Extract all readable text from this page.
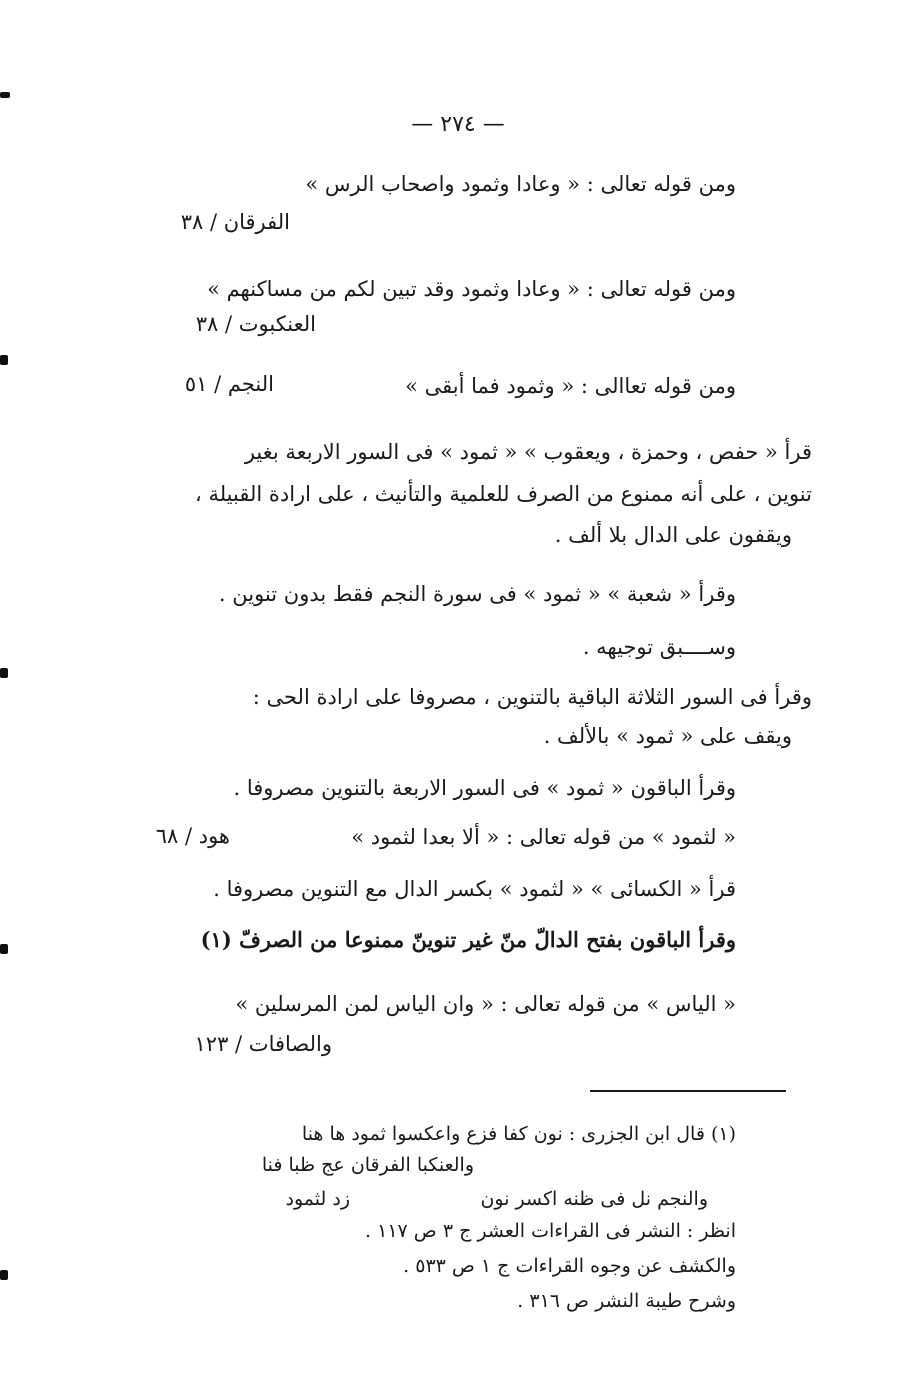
— ٢٧٤ —
ومن قوله تعالى : « وعادا وثمود واصحاب الرس »
الفرقان / ٣٨
ومن قوله تعالى : « وعادا وثمود وقد تبين لكم من مساكنهم »
العنكبوت / ٣٨
ومن قوله تعاالى : « وثمود فما أبقى »
النجم / ٥١
قرأ « حفص ، وحمزة ، ويعقوب » « ثمود » فى السور الاربعة بغير
تنوين ، على أنه ممنوع من الصرف للعلمية والتأنيث ، على ارادة القبيلة ،
ويقفون على الدال بلا ألف .
وقرأ « شعبة » « ثمود » فى سورة النجم فقط بدون تنوين .
وســــبق توجيهه .
وقرأ فى السور الثلاثة الباقية بالتنوين ، مصروفا على ارادة الحى :
ويقف على « ثمود » بالألف .
وقرأ الباقون « ثمود » فى السور الاربعة بالتنوين مصروفا .
« لثمود » من قوله تعالى : « ألا بعدا لثمود »
هود / ٦٨
قرأ « الكسائى » « لثمود » بكسر الدال مع التنوين مصروفا .
وقرأ الباقون بفتح الدالّ منّ غير تنوينّ ممنوعا من الصرفّ (١)
« الياس » من قوله تعالى : « وان الياس لمن المرسلين »
والصافات / ١٢٣
(١) قال ابن الجزرى : نون كفا فزع واعكسوا ثمود ها هنا
والعنكبا الفرقان عج ظبا فنا
والنجم نل فى ظنه اكسر نون
زد لثمود
انظر : النشر فى القراءات العشر ج ٣ ص ١١٧ .
والكشف عن وجوه القراءات ج ١ ص ٥٣٣ .
وشرح طيبة النشر ص ٣١٦ .
